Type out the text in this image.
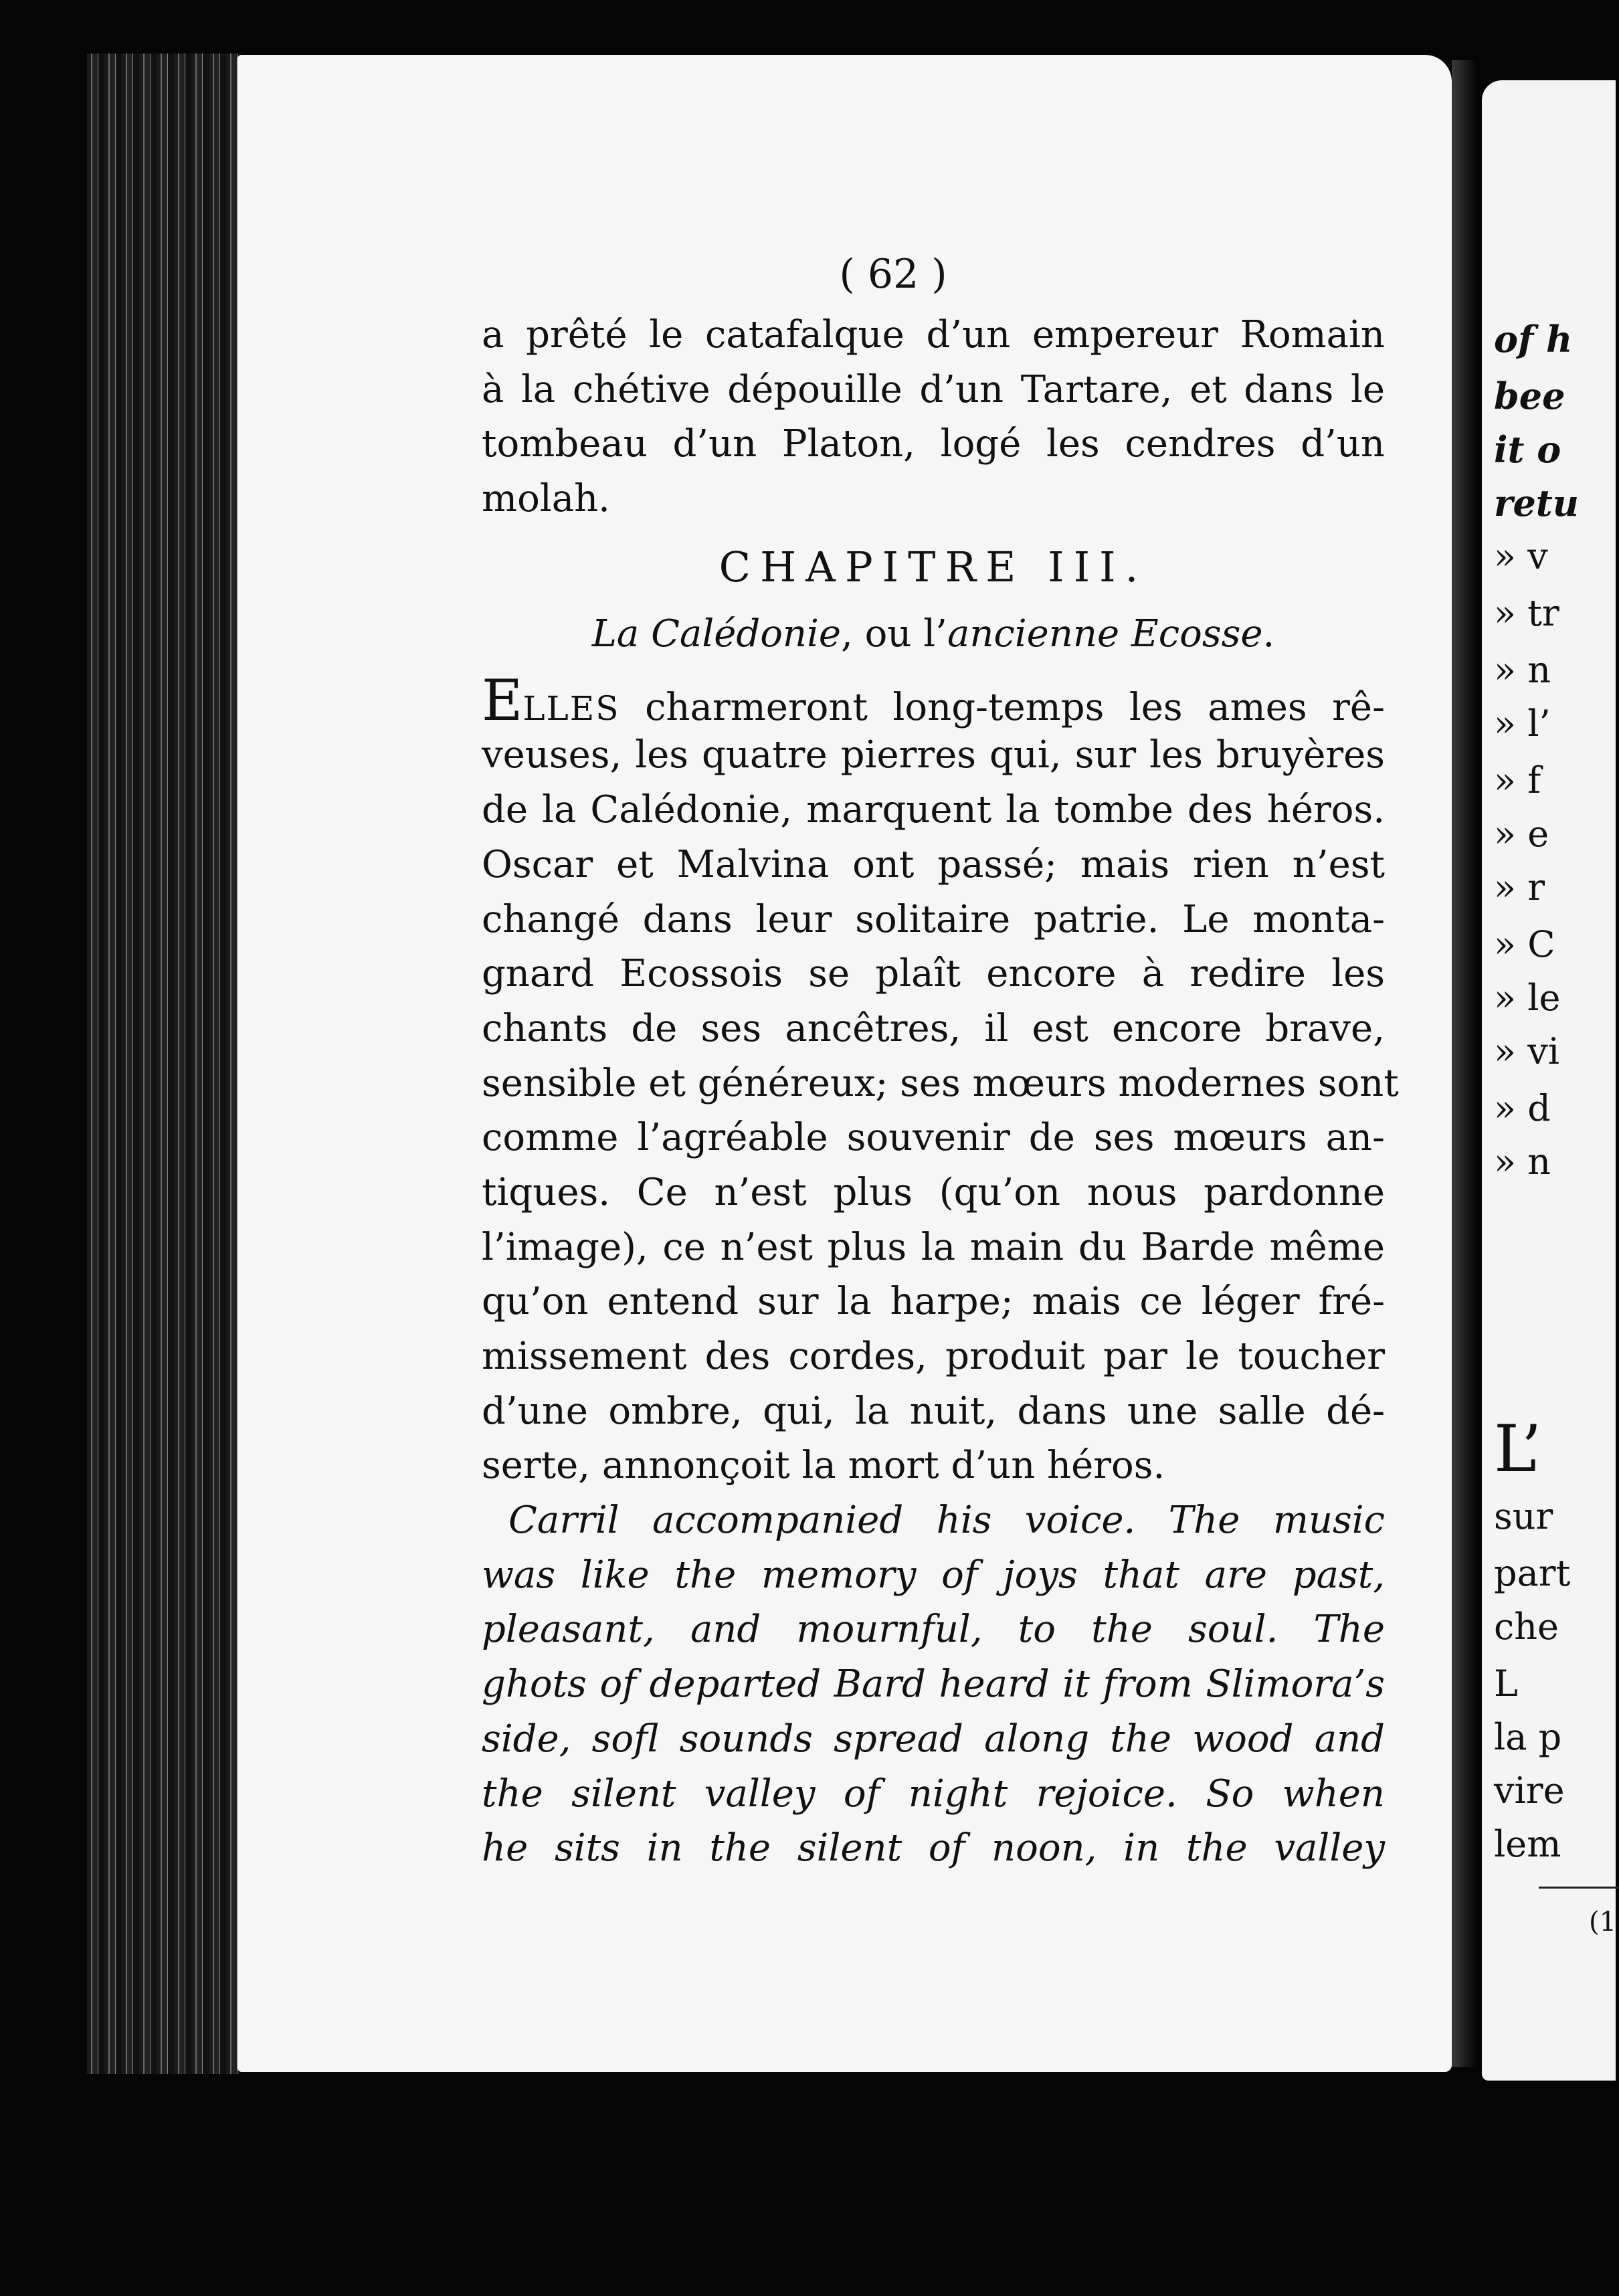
( 62 )
a prêté le catafalque d’un empereur Romain
à la chétive dépouille d’un Tartare, et dans le
tombeau d’un Platon, logé les cendres d’un
molah.
CHAPITRE III.
La Calédonie, ou l’ancienne Ecosse.
ELLES charmeront long-temps les ames rê-
veuses, les quatre pierres qui, sur les bruyères
de la Calédonie, marquent la tombe des héros.
Oscar et Malvina ont passé; mais rien n’est
changé dans leur solitaire patrie. Le monta-
gnard Ecossois se plaît encore à redire les
chants de ses ancêtres, il est encore brave,
sensible et généreux; ses mœurs modernes sont
comme l’agréable souvenir de ses mœurs an-
tiques. Ce n’est plus (qu’on nous pardonne
l’image), ce n’est plus la main du Barde même
qu’on entend sur la harpe; mais ce léger fré-
missement des cordes, produit par le toucher
d’une ombre, qui, la nuit, dans une salle dé-
serte, annonçoit la mort d’un héros.
Carril accompanied his voice. The music
was like the memory of joys that are past,
pleasant, and mournful, to the soul. The
ghots of departed Bard heard it from Slimora’s
side, sofl sounds spread along the wood and
the silent valley of night rejoice. So when
he sits in the silent of noon, in the valley
of h
bee
it o
retu
» v
» tr
» n
» l’
» f
» e
» r
» C
» le
» vi
» d
» n
L’
sur
part
che
L
la p
vire
lem
(1
